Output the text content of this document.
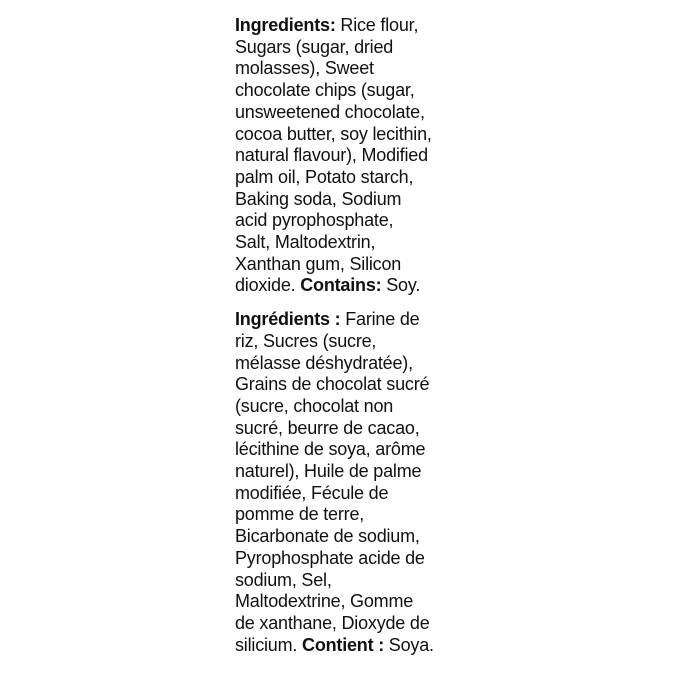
Ingredients: Rice flour,
Sugars (sugar, dried
molasses), Sweet
chocolate chips (sugar,
unsweetened chocolate,
cocoa butter, soy lecithin,
natural flavour), Modified
palm oil, Potato starch,
Baking soda, Sodium
acid pyrophosphate,
Salt, Maltodextrin,
Xanthan gum, Silicon
dioxide. Contains: Soy.

Ingrédients : Farine de
riz, Sucres (sucre,
mélasse déshydratée),
Grains de chocolat sucré
(sucre, chocolat non
sucré, beurre de cacao,
lécithine de soya, arôme
naturel), Huile de palme
modifiée, Fécule de
pomme de terre,
Bicarbonate de sodium,
Pyrophosphate acide de
sodium, Sel,
Maltodextrine, Gomme
de xanthane, Dioxyde de
silicium. Contient : Soya.
